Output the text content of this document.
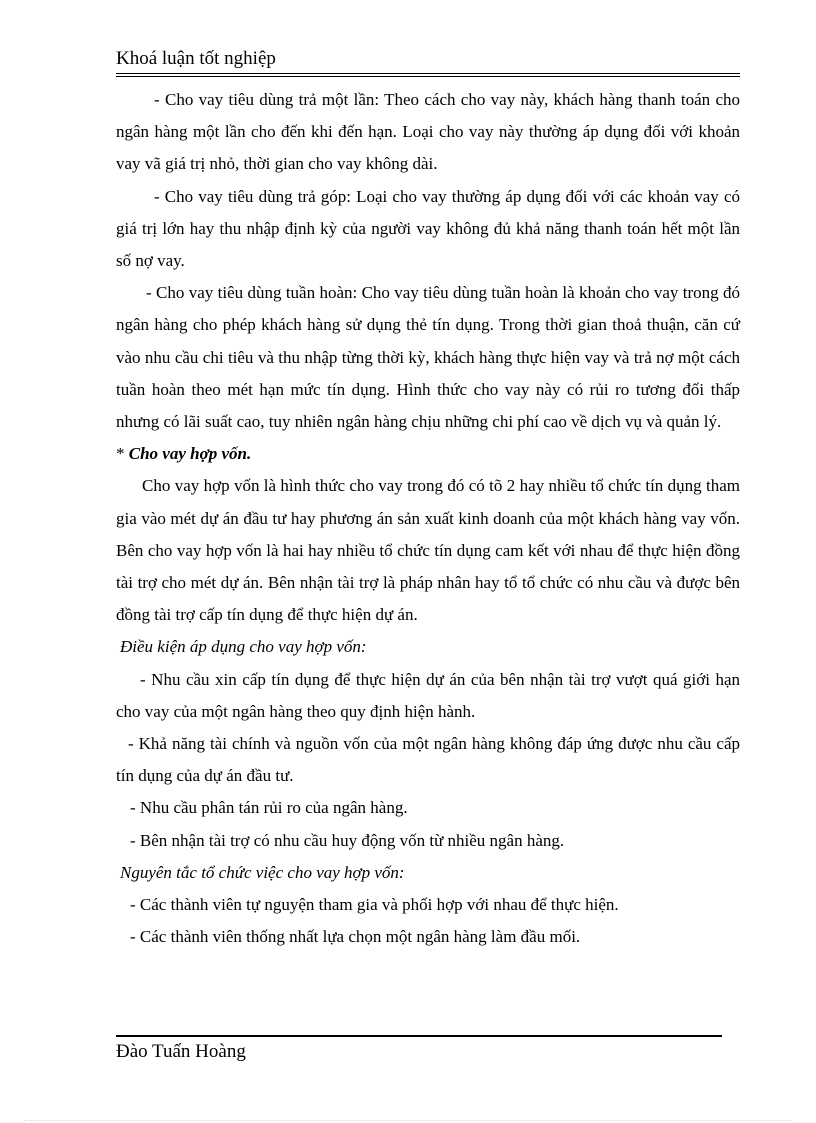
Khoá luận tốt nghiệp

- Cho vay tiêu dùng trả một lần: Theo cách cho vay này, khách hàng thanh toán cho ngân hàng một lần cho đến khi đến hạn. Loại cho vay này thường áp dụng đối với khoản vay vã giá trị nhỏ, thời gian cho vay không dài.

- Cho vay tiêu dùng trả góp: Loại cho vay thường áp dụng đối với các khoản vay có giá trị lớn hay thu nhập định kỳ của người vay không đủ khả năng thanh toán hết một lần số nợ vay.

- Cho vay tiêu dùng tuần hoàn: Cho vay tiêu dùng tuần hoàn là khoản cho vay trong đó ngân hàng cho phép khách hàng sử dụng thẻ tín dụng. Trong thời gian thoả thuận, căn cứ vào nhu cầu chi tiêu và thu nhập từng thời kỳ, khách hàng thực hiện vay và trả nợ một cách tuần hoàn theo mét hạn mức tín dụng. Hình thức cho vay này có rủi ro tương đối thấp nhưng có lãi suất cao, tuy nhiên ngân hàng chịu những chi phí cao về dịch vụ và quản lý.

* Cho vay hợp vốn.

Cho vay hợp vốn là hình thức cho vay trong đó có tõ 2 hay nhiều tổ chức tín dụng tham gia vào mét dự án đầu tư hay phương án sản xuất kinh doanh của một khách hàng vay vốn. Bên cho vay hợp vốn là hai hay nhiều tổ chức tín dụng cam kết với nhau để thực hiện đồng tài trợ cho mét dự án. Bên nhận tài trợ là pháp nhân hay tổ tổ chức có nhu cầu và được bên đồng tài trợ cấp tín dụng để thực hiện dự án.

Điều kiện áp dụng cho vay hợp vốn:

- Nhu cầu xin cấp tín dụng để thực hiện dự án của bên nhận tài trợ vượt quá giới hạn cho vay của một ngân hàng theo quy định hiện hành.

- Khả năng tài chính và nguồn vốn của một ngân hàng không đáp ứng được nhu cầu cấp tín dụng của dự án đầu tư.

- Nhu cầu phân tán rủi ro của ngân hàng.

- Bên nhận tài trợ có nhu cầu huy động vốn từ nhiều ngân hàng.

Nguyên tắc tổ chức việc cho vay hợp vốn:

- Các thành viên tự nguyện tham gia và phối hợp với nhau để thực hiện.

- Các thành viên thống nhất lựa chọn một ngân hàng làm đầu mối.

Đào Tuấn Hoàng
